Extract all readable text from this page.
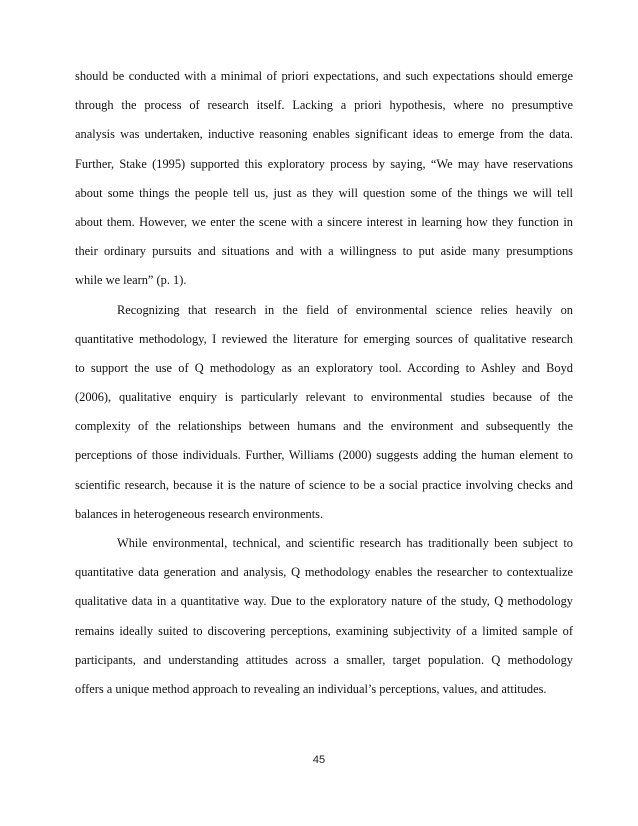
should be conducted with a minimal of priori expectations, and such expectations should emerge
through the process of research itself. Lacking a priori hypothesis, where no presumptive
analysis was undertaken, inductive reasoning enables significant ideas to emerge from the data.
Further, Stake (1995) supported this exploratory process by saying, “We may have reservations
about some things the people tell us, just as they will question some of the things we will tell
about them. However, we enter the scene with a sincere interest in learning how they function in
their ordinary pursuits and situations and with a willingness to put aside many presumptions
while we learn” (p. 1).
Recognizing that research in the field of environmental science relies heavily on
quantitative methodology, I reviewed the literature for emerging sources of qualitative research
to support the use of Q methodology as an exploratory tool. According to Ashley and Boyd
(2006), qualitative enquiry is particularly relevant to environmental studies because of the
complexity of the relationships between humans and the environment and subsequently the
perceptions of those individuals. Further, Williams (2000) suggests adding the human element to
scientific research, because it is the nature of science to be a social practice involving checks and
balances in heterogeneous research environments.
While environmental, technical, and scientific research has traditionally been subject to
quantitative data generation and analysis, Q methodology enables the researcher to contextualize
qualitative data in a quantitative way. Due to the exploratory nature of the study, Q methodology
remains ideally suited to discovering perceptions, examining subjectivity of a limited sample of
participants, and understanding attitudes across a smaller, target population. Q methodology
offers a unique method approach to revealing an individual’s perceptions, values, and attitudes.
45
